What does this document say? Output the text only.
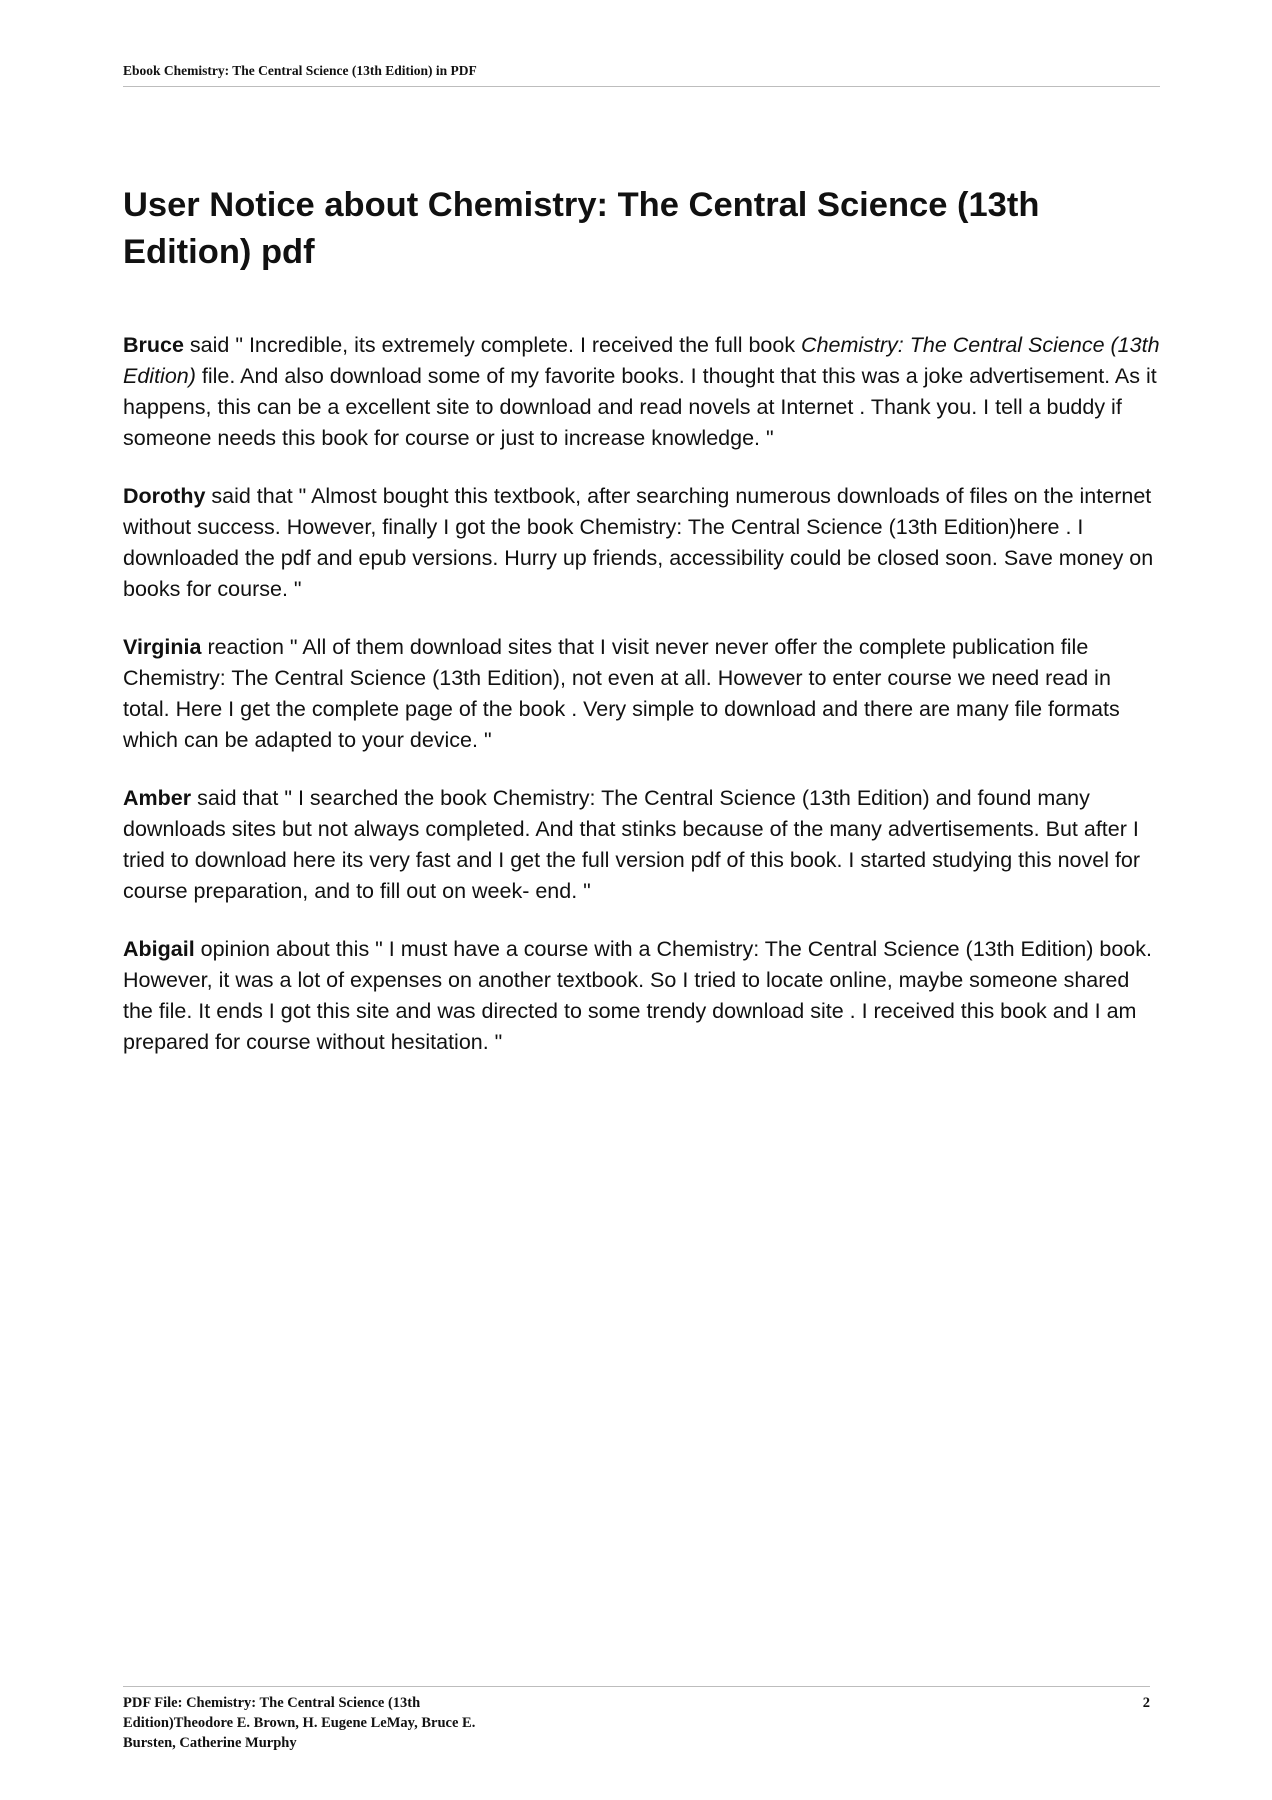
Ebook Chemistry: The Central Science (13th Edition) in PDF
User Notice about Chemistry: The Central Science (13th Edition) pdf

Bruce said " Incredible, its extremely complete. I received the full book Chemistry: The Central Science (13th Edition) file. And also download some of my favorite books. I thought that this was a joke advertisement. As it happens, this can be a excellent site to download and read novels at Internet . Thank you. I tell a buddy if someone needs this book for course or just to increase knowledge. "

Dorothy said that " Almost bought this textbook, after searching numerous downloads of files on the internet without success. However, finally I got the book Chemistry: The Central Science (13th Edition)here . I downloaded the pdf and epub versions. Hurry up friends, accessibility could be closed soon. Save money on books for course. "

Virginia reaction " All of them download sites that I visit never never offer the complete publication file Chemistry: The Central Science (13th Edition), not even at all. However to enter course we need read in total. Here I get the complete page of the book . Very simple to download and there are many file formats which can be adapted to your device. "

Amber said that " I searched the book Chemistry: The Central Science (13th Edition) and found many downloads sites but not always completed. And that stinks because of the many advertisements. But after I tried to download here its very fast and I get the full version pdf of this book. I started studying this novel for course preparation, and to fill out on week- end. "

Abigail opinion about this " I must have a course with a Chemistry: The Central Science (13th Edition) book. However, it was a lot of expenses on another textbook. So I tried to locate online, maybe someone shared the file. It ends I got this site and was directed to some trendy download site . I received this book and I am prepared for course without hesitation. "

PDF File: Chemistry: The Central Science (13th Edition)Theodore E. Brown, H. Eugene LeMay, Bruce E. Bursten, Catherine Murphy
2
